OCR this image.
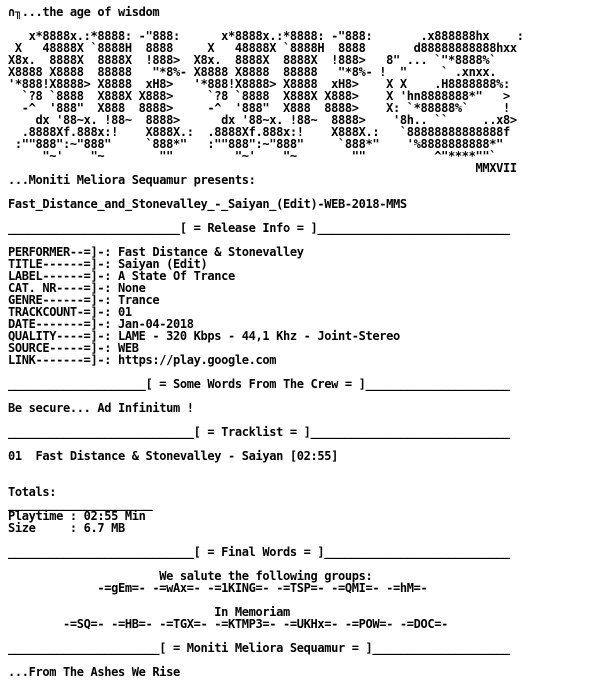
∩╖...the age of wisdom
x*8888x.:*8888: -"888:      x*8888x.:*8888: -"888:       .x888888hx    :
X   48888X `8888H  8888     X   48888X `8888H  8888       d88888888888hxx
X8x.  8888X  8888X  !888>  X8x.  8888X  8888X  !888>   8" ... `"*8888%`
X8888 X8888  88888   "*8%- X8888 X8888  88888   "*8%- !  "     ` .xnxx.
'*888!X8888> X8888  xH8>   '*888!X8888> X8888  xH8>    X X    .H8888888%:
`?8 `8888  X888X X888>     `?8 `8888  X888X X888>    X 'hn8888888*"   >
-^  '888"  X888  8888>     -^  '888"  X888  8888>    X: `*88888%`     !
dx '88~x. !88~  8888>      dx '88~x. !88~  8888>    '8h.. ``     ..x8>
.8888Xf.888x:!    X888X.:  .8888Xf.888x:!    X888X.:   `88888888888888f
:""888":~"888"     `888*"   :""888":~"888"     `888*"    '%8888888888*"
"~'    "~        ""         "~'    "~        ""          ^"****""`
MMXVII
...Moniti Meliora Sequamur presents:
Fast_Distance_and_Stonevalley_-_Saiyan_(Edit)-WEB-2018-MMS
_________________________[ = Release Info = ]____________________________
PERFORMER--=]-: Fast Distance & Stonevalley
TITLE------=]-: Saiyan (Edit)
LABEL------=]-: A State Of Trance
CAT. NR----=]-: None
GENRE------=]-: Trance
TRACKCOUNT-=]-: 01
DATE-------=]-: Jan-04-2018
QUALITY----=]-: LAME - 320 Kbps - 44,1 Khz - Joint-Stereo
SOURCE-----=]-: WEB
LINK-------=]-: https://play.google.com
____________________[ = Some Words From The Crew = ]_____________________
Be secure... Ad Infinitum !
___________________________[ = Tracklist = ]_____________________________
01  Fast Distance & Stonevalley - Saiyan [02:55]
Totals:
_____________________
Playtime : 02:55 Min
Size     : 6.7 MB
___________________________[ = Final Words = ]___________________________
We salute the following groups:
-=gEm=- -=wAx=- -=1KING=- -=TSP=- -=QMI=- -=hM=-
In Memoriam
-=SQ=- -=HB=- -=TGX=- -=KTMP3=- -=UKHx=- -=POW=- -=DOC=-
______________________[ = Moniti Meliora Sequamur = ]____________________
...From The Ashes We Rise
